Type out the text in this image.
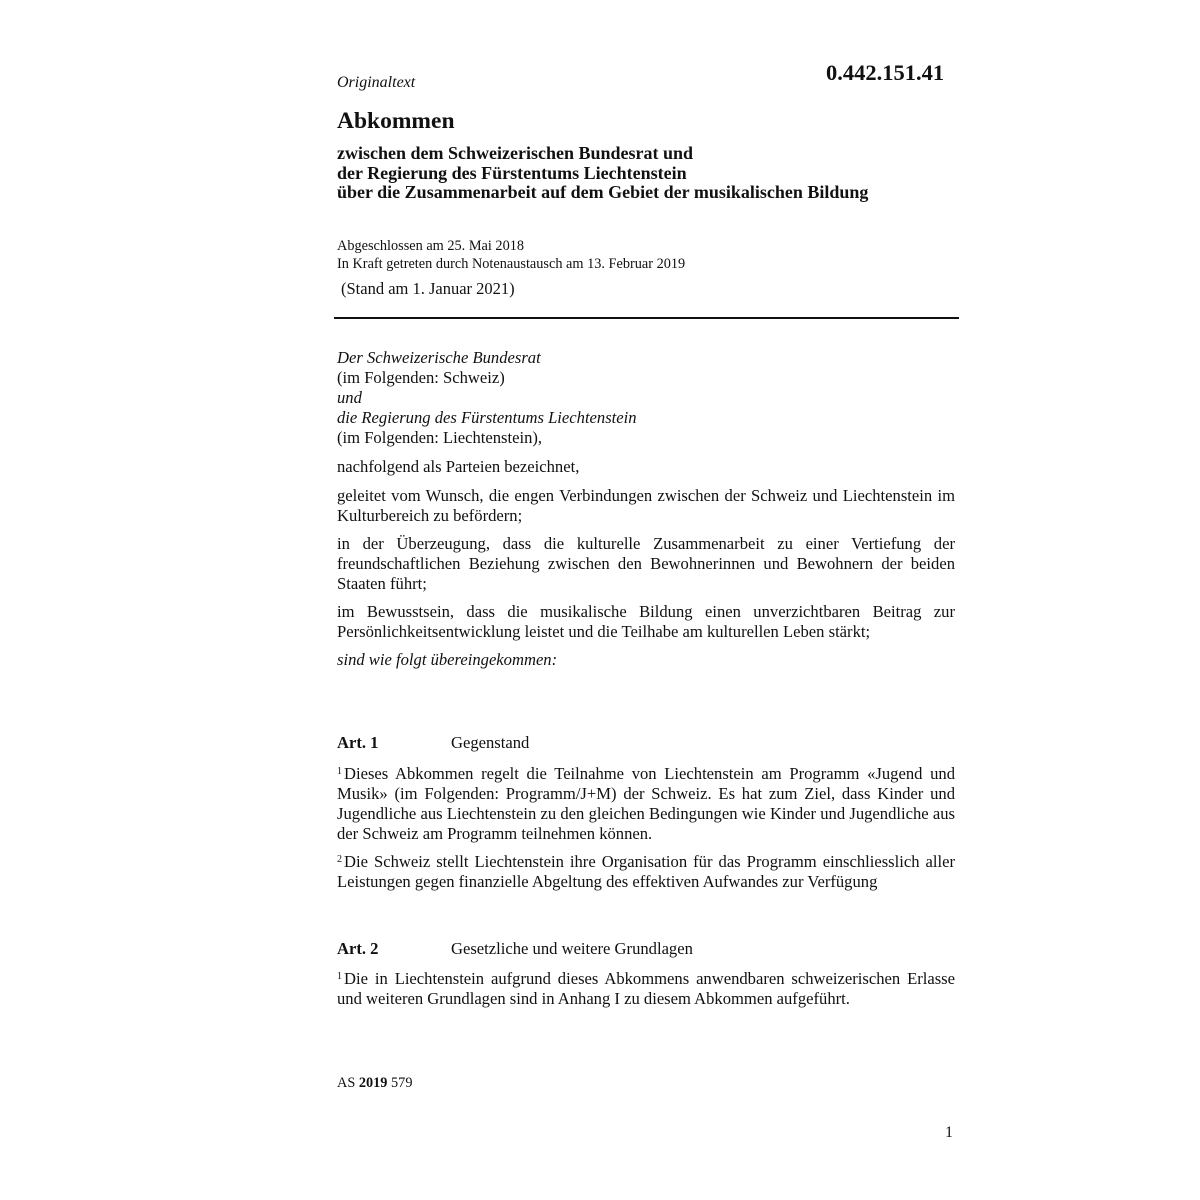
Originaltext	0.442.151.41
Abkommen
zwischen dem Schweizerischen Bundesrat und
der Regierung des Fürstentums Liechtenstein
über die Zusammenarbeit auf dem Gebiet der musikalischen Bildung
Abgeschlossen am 25. Mai 2018
In Kraft getreten durch Notenaustausch am 13. Februar 2019
(Stand am 1. Januar 2021)
Der Schweizerische Bundesrat
(im Folgenden: Schweiz)
und
die Regierung des Fürstentums Liechtenstein
(im Folgenden: Liechtenstein),
nachfolgend als Parteien bezeichnet,

geleitet vom Wunsch, die engen Verbindungen zwischen der Schweiz und Liechtenstein im Kulturbereich zu befördern;

in der Überzeugung, dass die kulturelle Zusammenarbeit zu einer Vertiefung der freundschaftlichen Beziehung zwischen den Bewohnerinnen und Bewohnern der beiden Staaten führt;

im Bewusstsein, dass die musikalische Bildung einen unverzichtbaren Beitrag zur Persönlichkeitsentwicklung leistet und die Teilhabe am kulturellen Leben stärkt;

sind wie folgt übereingekommen:
Art. 1	Gegenstand

$^1$ Dieses Abkommen regelt die Teilnahme von Liechtenstein am Programm «Jugend und Musik» (im Folgenden: Programm/J+M) der Schweiz. Es hat zum Ziel, dass Kinder und Jugendliche aus Liechtenstein zu den gleichen Bedingungen wie Kinder und Jugendliche aus der Schweiz am Programm teilnehmen können.

$^2$ Die Schweiz stellt Liechtenstein ihre Organisation für das Programm einschliesslich aller Leistungen gegen finanzielle Abgeltung des effektiven Aufwandes zur Verfügung

Art. 2	Gesetzliche und weitere Grundlagen

$^1$ Die in Liechtenstein aufgrund dieses Abkommens anwendbaren schweizerischen Erlasse und weiteren Grundlagen sind in Anhang I zu diesem Abkommen aufgeführt.

AS 2019 579
1
